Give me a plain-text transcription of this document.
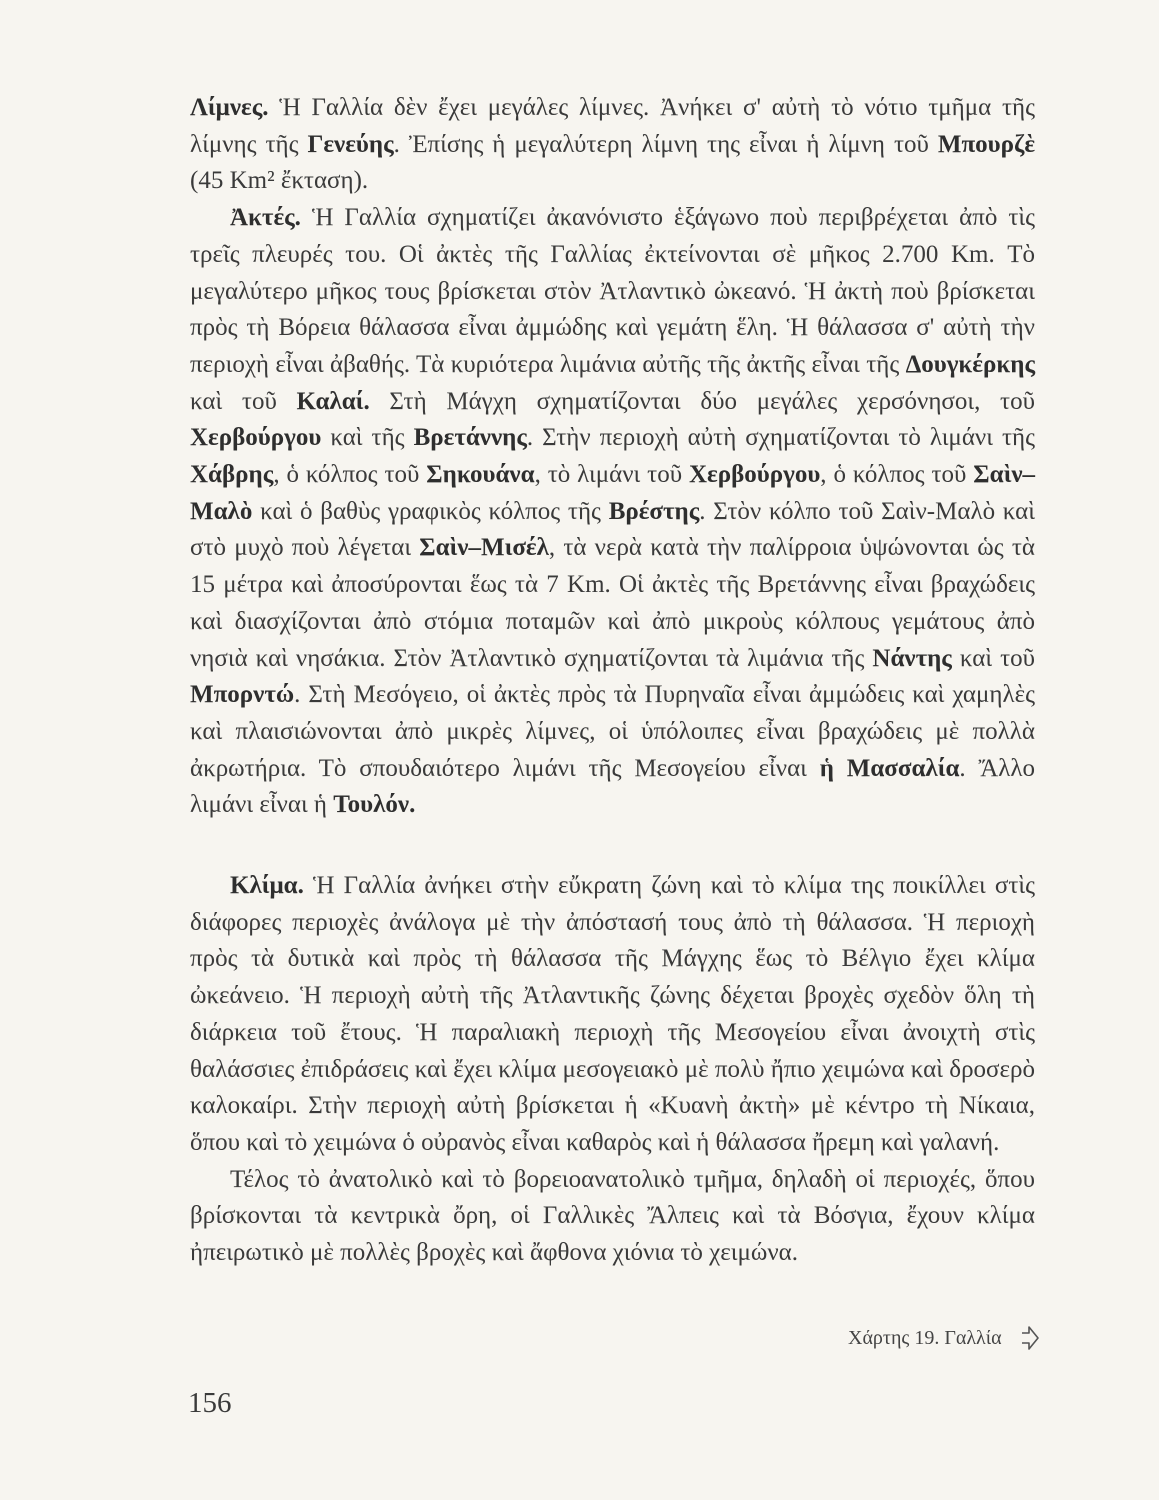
Λίμνες. Ἡ Γαλλία δὲν ἔχει μεγάλες λίμνες. Ἀνήκει σ' αὐτὴ τὸ νότιο τμῆμα τῆς λίμνης τῆς Γενεύης. Ἐπίσης ἡ μεγαλύτερη λίμνη της εἶναι ἡ λίμνη τοῦ Μπουρζὲ (45 Km² ἔκταση).

Ἀκτές. Ἡ Γαλλία σχηματίζει ἀκανόνιστο ἑξάγωνο ποὺ περιβρέχεται ἀπὸ τὶς τρεῖς πλευρές του. Οἱ ἀκτὲς τῆς Γαλλίας ἐκτείνονται σὲ μῆκος 2.700 Km. Τὸ μεγαλύτερο μῆκος τους βρίσκεται στὸν Ἀτλαντικὸ ὠκεανό. Ἡ ἀκτὴ ποὺ βρίσκεται πρὸς τὴ Βόρεια θάλασσα εἶναι ἀμμώδης καὶ γεμάτη ἕλη. Ἡ θάλασσα σ' αὐτὴ τὴν περιοχὴ εἶναι ἀβαθής. Τὰ κυριότερα λιμάνια αὐτῆς τῆς ἀκτῆς εἶναι τῆς Δουγκέρκης καὶ τοῦ Καλαί. Στὴ Μάγχη σχηματίζονται δύο μεγάλες χερσόνησοι, τοῦ Χερβούργου καὶ τῆς Βρετάννης. Στὴν περιοχὴ αὐτὴ σχηματίζονται τὸ λιμάνι τῆς Χάβρης, ὁ κόλπος τοῦ Σηκουάνα, τὸ λιμάνι τοῦ Χερβούργου, ὁ κόλπος τοῦ Σαὶν–Μαλὸ καὶ ὁ βαθὺς γραφικὸς κόλπος τῆς Βρέστης. Στὸν κόλπο τοῦ Σαὶν-Μαλὸ καὶ στὸ μυχὸ ποὺ λέγεται Σαὶν–Μισέλ, τὰ νερὰ κατὰ τὴν παλίρροια ὑψώνονται ὡς τὰ 15 μέτρα καὶ ἀποσύρονται ἕως τὰ 7 Km. Οἱ ἀκτὲς τῆς Βρετάννης εἶναι βραχώδεις καὶ διασχίζονται ἀπὸ στόμια ποταμῶν καὶ ἀπὸ μικροὺς κόλπους γεμάτους ἀπὸ νησιὰ καὶ νησάκια. Στὸν Ἀτλαντικὸ σχηματίζονται τὰ λιμάνια τῆς Νάντης καὶ τοῦ Μπορντώ. Στὴ Μεσόγειο, οἱ ἀκτὲς πρὸς τὰ Πυρηναῖα εἶναι ἀμμώδεις καὶ χαμηλὲς καὶ πλαισιώνονται ἀπὸ μικρὲς λίμνες, οἱ ὑπόλοιπες εἶναι βραχώδεις μὲ πολλὰ ἀκρωτήρια. Τὸ σπουδαιότερο λιμάνι τῆς Μεσογείου εἶναι ἡ Μασσαλία. Ἄλλο λιμάνι εἶναι ἡ Τουλόν.

Κλίμα. Ἡ Γαλλία ἀνήκει στὴν εὔκρατη ζώνη καὶ τὸ κλίμα της ποικίλλει στὶς διάφορες περιοχὲς ἀνάλογα μὲ τὴν ἀπόστασή τους ἀπὸ τὴ θάλασσα. Ἡ περιοχὴ πρὸς τὰ δυτικὰ καὶ πρὸς τὴ θάλασσα τῆς Μάγχης ἕως τὸ Βέλγιο ἔχει κλίμα ὠκεάνειο. Ἡ περιοχὴ αὐτὴ τῆς Ἀτλαντικῆς ζώνης δέχεται βροχὲς σχεδὸν ὅλη τὴ διάρκεια τοῦ ἔτους. Ἡ παραλιακὴ περιοχὴ τῆς Μεσογείου εἶναι ἀνοιχτὴ στὶς θαλάσσιες ἐπιδράσεις καὶ ἔχει κλίμα μεσογειακὸ μὲ πολὺ ἤπιο χειμώνα καὶ δροσερὸ καλοκαίρι. Στὴν περιοχὴ αὐτὴ βρίσκεται ἡ «Κυανὴ ἀκτὴ» μὲ κέντρο τὴ Νίκαια, ὅπου καὶ τὸ χειμώνα ὁ οὐρανὸς εἶναι καθαρὸς καὶ ἡ θάλασσα ἤρεμη καὶ γαλανή.

Τέλος τὸ ἀνατολικὸ καὶ τὸ βορειοανατολικὸ τμῆμα, δηλαδὴ οἱ περιοχές, ὅπου βρίσκονται τὰ κεντρικὰ ὄρη, οἱ Γαλλικὲς Ἄλπεις καὶ τὰ Βόσγια, ἔχουν κλίμα ἠπειρωτικὸ μὲ πολλὲς βροχὲς καὶ ἄφθονα χιόνια τὸ χειμώνα.

Χάρτης 19. Γαλλία
156
